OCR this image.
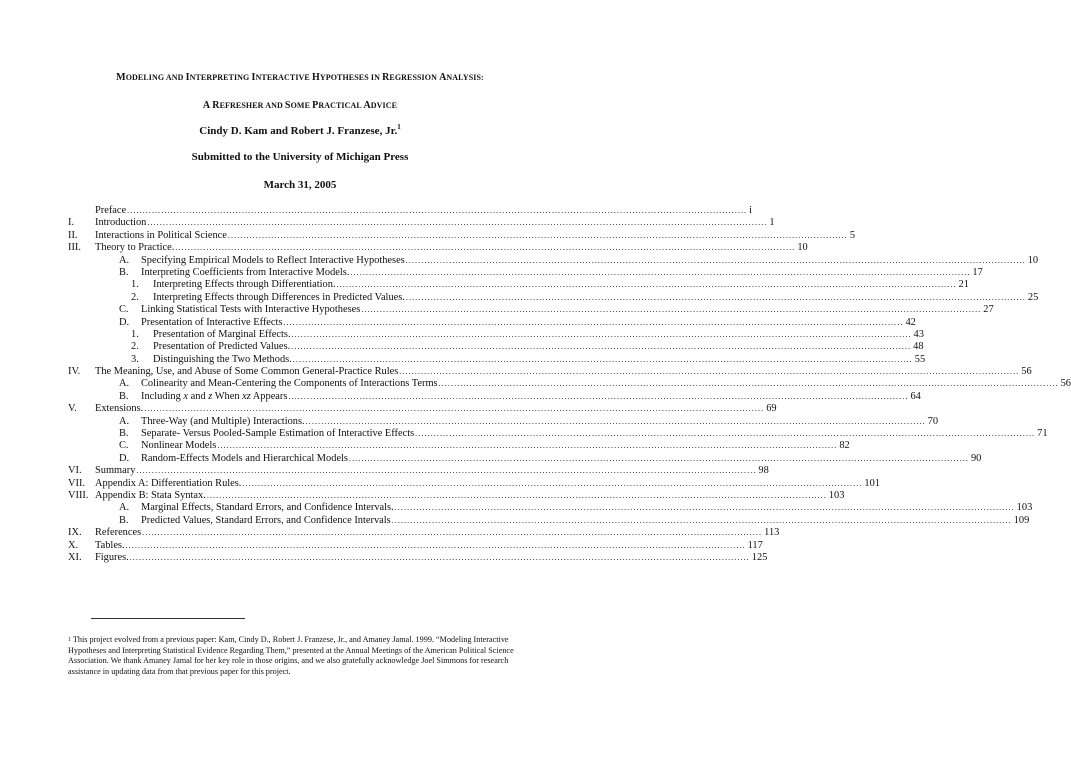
MODELING AND INTERPRETING INTERACTIVE HYPOTHESES IN REGRESSION ANALYSIS:
A REFRESHER AND SOME PRACTICAL ADVICE
Cindy D. Kam and Robert J. Franzese, Jr.$^1$
Submitted to the University of Michigan Press
March 31, 2005
Preface ........................................................................................................................................................................................................ i
I. Introduction ........................................................................................................................................................................................................ 1
II. Interactions in Political Science ........................................................................................................................................................................................................ 5
III. Theory to Practice. ........................................................................................................................................................................................................ 10
A. Specifying Empirical Models to Reflect Interactive Hypotheses ........................................................................................................................................................................................................ 10
B. Interpreting Coefficients from Interactive Models. ........................................................................................................................................................................................................ 17
1. Interpreting Effects through Differentiation. ........................................................................................................................................................................................................ 21
2. Interpreting Effects through Differences in Predicted Values. ........................................................................................................................................................................................................ 25
C. Linking Statistical Tests with Interactive Hypotheses ........................................................................................................................................................................................................ 27
D. Presentation of Interactive Effects ........................................................................................................................................................................................................ 42
1. Presentation of Marginal Effects. ........................................................................................................................................................................................................ 43
2. Presentation of Predicted Values. ........................................................................................................................................................................................................ 48
3. Distinguishing the Two Methods. ........................................................................................................................................................................................................ 55
IV. The Meaning, Use, and Abuse of Some Common General-Practice Rules ........................................................................................................................................................................................................ 56
A. Colinearity and Mean-Centering the Components of Interactions Terms ........................................................................................................................................................................................................ 56
B. Including x and z When xz Appears ........................................................................................................................................................................................................ 64
V. Extensions. ........................................................................................................................................................................................................ 69
A. Three-Way (and Multiple) Interactions. ........................................................................................................................................................................................................ 70
B. Separate- Versus Pooled-Sample Estimation of Interactive Effects ........................................................................................................................................................................................................ 71
C. Nonlinear Models ........................................................................................................................................................................................................ 82
D. Random-Effects Models and Hierarchical Models ........................................................................................................................................................................................................ 90
VI. Summary ........................................................................................................................................................................................................ 98
VII. Appendix A: Differentiation Rules. ........................................................................................................................................................................................................ 101
VIII. Appendix B: Stata Syntax. ........................................................................................................................................................................................................ 103
A. Marginal Effects, Standard Errors, and Confidence Intervals. ........................................................................................................................................................................................................ 103
B. Predicted Values, Standard Errors, and Confidence Intervals ........................................................................................................................................................................................................ 109
IX. References ........................................................................................................................................................................................................ 113
X. Tables. ........................................................................................................................................................................................................ 117
XI. Figures. ........................................................................................................................................................................................................ 125
$^1$ This project evolved from a previous paper: Kam, Cindy D., Robert J. Franzese, Jr., and Amaney Jamal. 1999. “Modeling Interactive Hypotheses and Interpreting Statistical Evidence Regarding Them,” presented at the Annual Meetings of the American Political Science Association. We thank Amaney Jamal for her key role in those origins, and we also gratefully acknowledge Joel Simmons for research assistance in updating data from that previous paper for this project.
